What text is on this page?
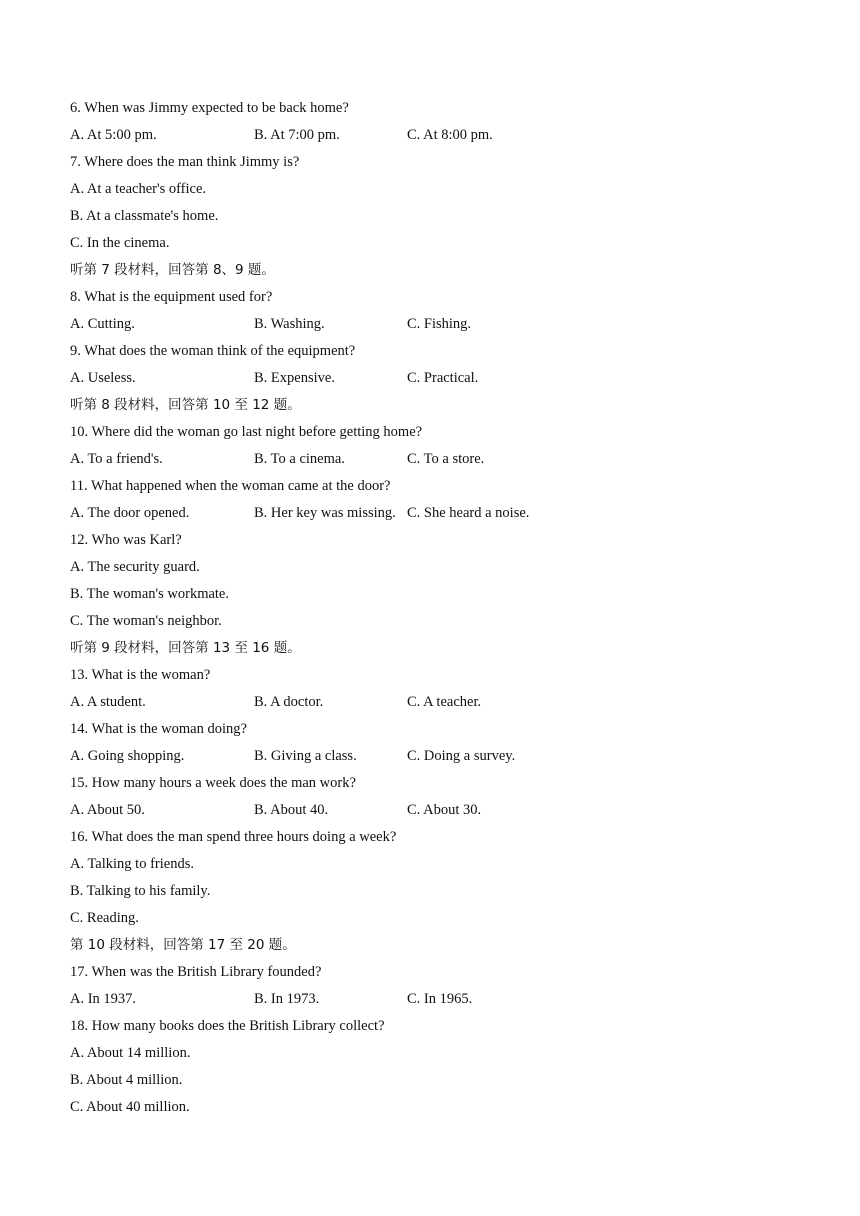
6. When was Jimmy expected to be back home?
A. At 5:00 pm.	B. At 7:00 pm.	C. At 8:00 pm.
7. Where does the man think Jimmy is?
A. At a teacher's office.
B. At a classmate's home.
C. In the cinema.
听第 7 段材料，回答第 8、9 题。
8. What is the equipment used for?
A. Cutting.	B. Washing.	C. Fishing.
9. What does the woman think of the equipment?
A. Useless.	B. Expensive.	C. Practical.
听第 8 段材料，回答第 10 至 12 题。
10. Where did the woman go last night before getting home?
A. To a friend's.	B. To a cinema.	C. To a store.
11. What happened when the woman came at the door?
A. The door opened.	B. Her key was missing. C. She heard a noise.
12. Who was Karl?
A. The security guard.
B. The woman's workmate.
C. The woman's neighbor.
听第 9 段材料，回答第 13 至 16 题。
13. What is the woman?
A. A student.	B. A doctor.	C. A teacher.
14. What is the woman doing?
A. Going shopping.	B. Giving a class.	C. Doing a survey.
15. How many hours a week does the man work?
A. About 50.	B. About 40.	C. About 30.
16. What does the man spend three hours doing a week?
A. Talking to friends.
B. Talking to his family.
C. Reading.
第 10 段材料，回答第 17 至 20 题。
17. When was the British Library founded?
A. In 1937.	B. In 1973.	C. In 1965.
18. How many books does the British Library collect?
A. About 14 million.
B. About 4 million.
C. About 40 million.
